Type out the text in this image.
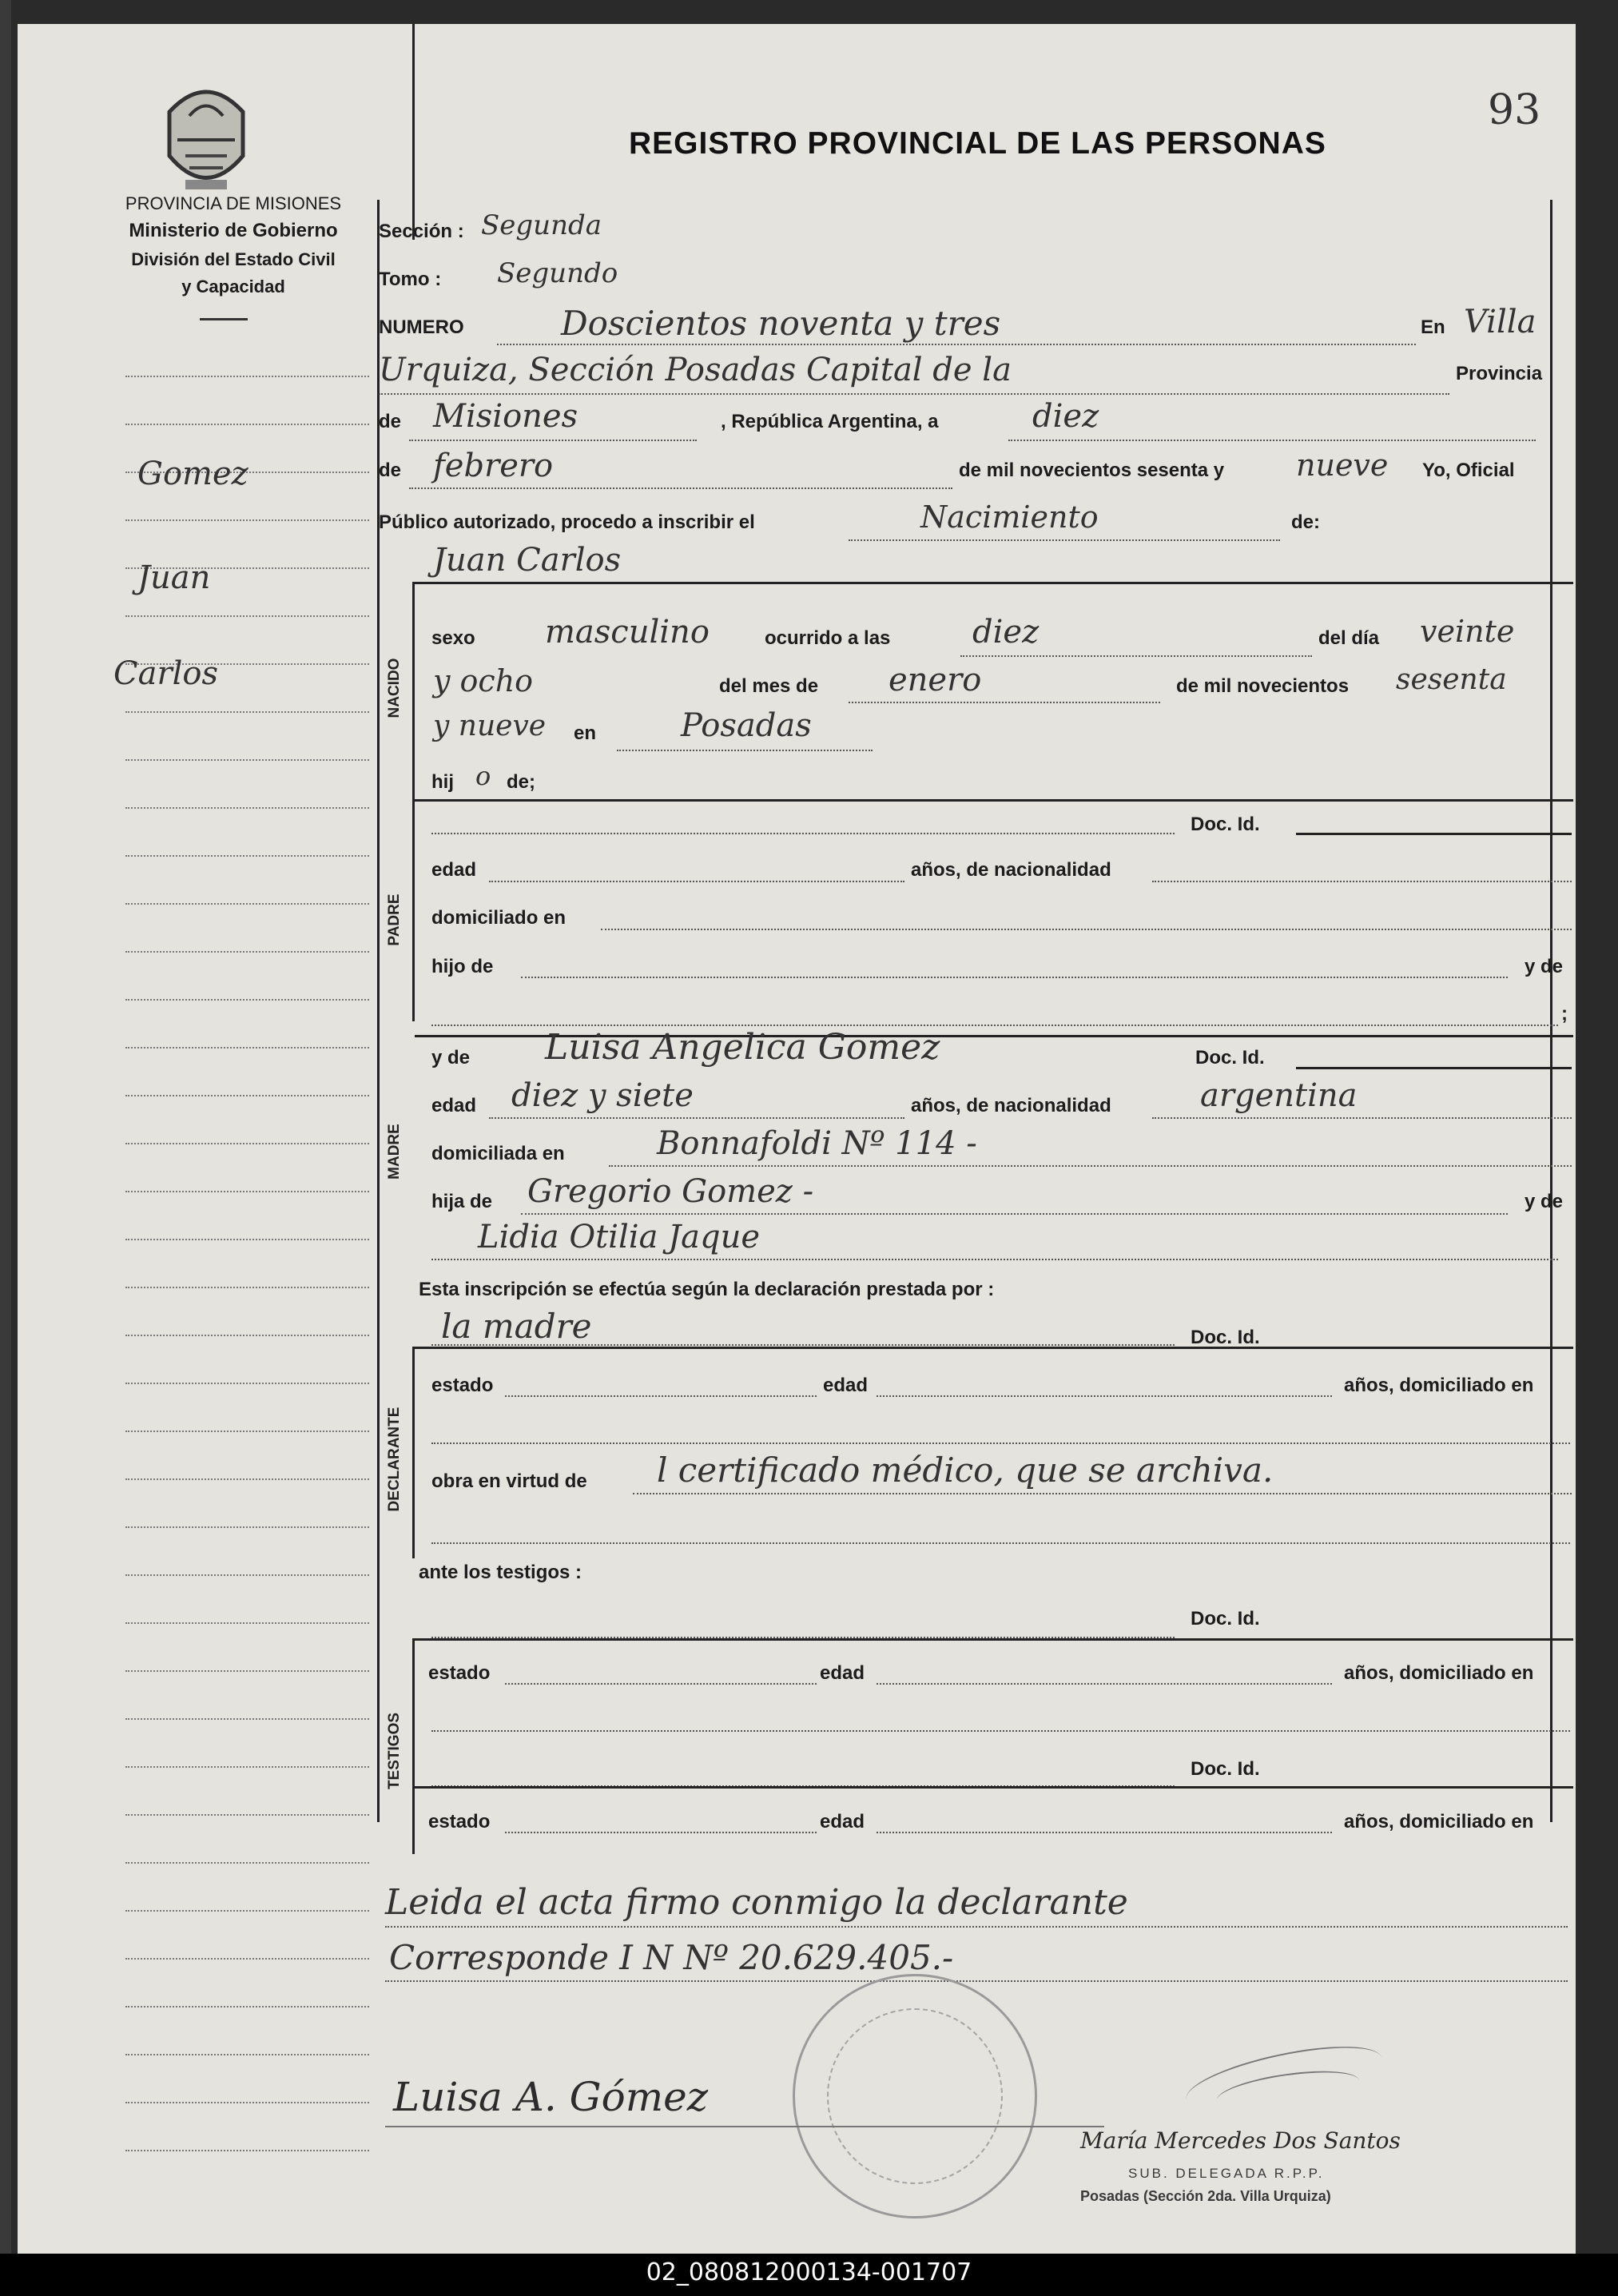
93
REGISTRO PROVINCIAL DE LAS PERSONAS
PROVINCIA DE MISIONES
Ministerio de Gobierno
División del Estado Civil
y Capacidad
Gomez
Juan
Carlos
Sección : Segunda
Tomo : Segundo
NUMERO	Doscientos noventa y tres	En Villa
Urquiza, Sección Posadas Capital de la	Provincia
de Misiones	, República Argentina, a	diez
de febrero	de mil novecientos sesenta y nueve Yo, Oficial
Público autorizado, procedo a inscribir el	Nacimiento	de:
Juan Carlos
NACIDO
sexo masculino	ocurrido a las	diez	del día veinte
y ocho	del mes de enero	de mil novecientos sesenta
y nueve en	Posadas
hij o de;
PADRE
Doc. Id.
edad	años, de nacionalidad
domiciliado en
hijo de	y de
;
MADRE
y de Luisa Angelica Gomez	Doc. Id.
edad diez y siete	años, de nacionalidad	argentina
domiciliada en	Bonnafoldi Nº 114 -
hija de Gregorio Gomez -	y de
Lidia Otilia Jaque
Esta inscripción se efectúa según la declaración prestada por :
la madre	Doc. Id.
DECLARANTE
estado	edad	años, domiciliado en
obra en virtud de l certificado médico, que se archiva.
ante los testigos :
Doc. Id.
TESTIGOS
estado	edad	años, domiciliado en
Doc. Id.
estado	edad	años, domiciliado en
Leida el acta firmo conmigo la declarante
Corresponde I N Nº 20.629.405.-
Luisa A. Gómez
María Mercedes Dos Santos
SUB. DELEGADA R.P.P.
Posadas (Sección 2da. Villa Urquiza)
02_080812000134-001707
